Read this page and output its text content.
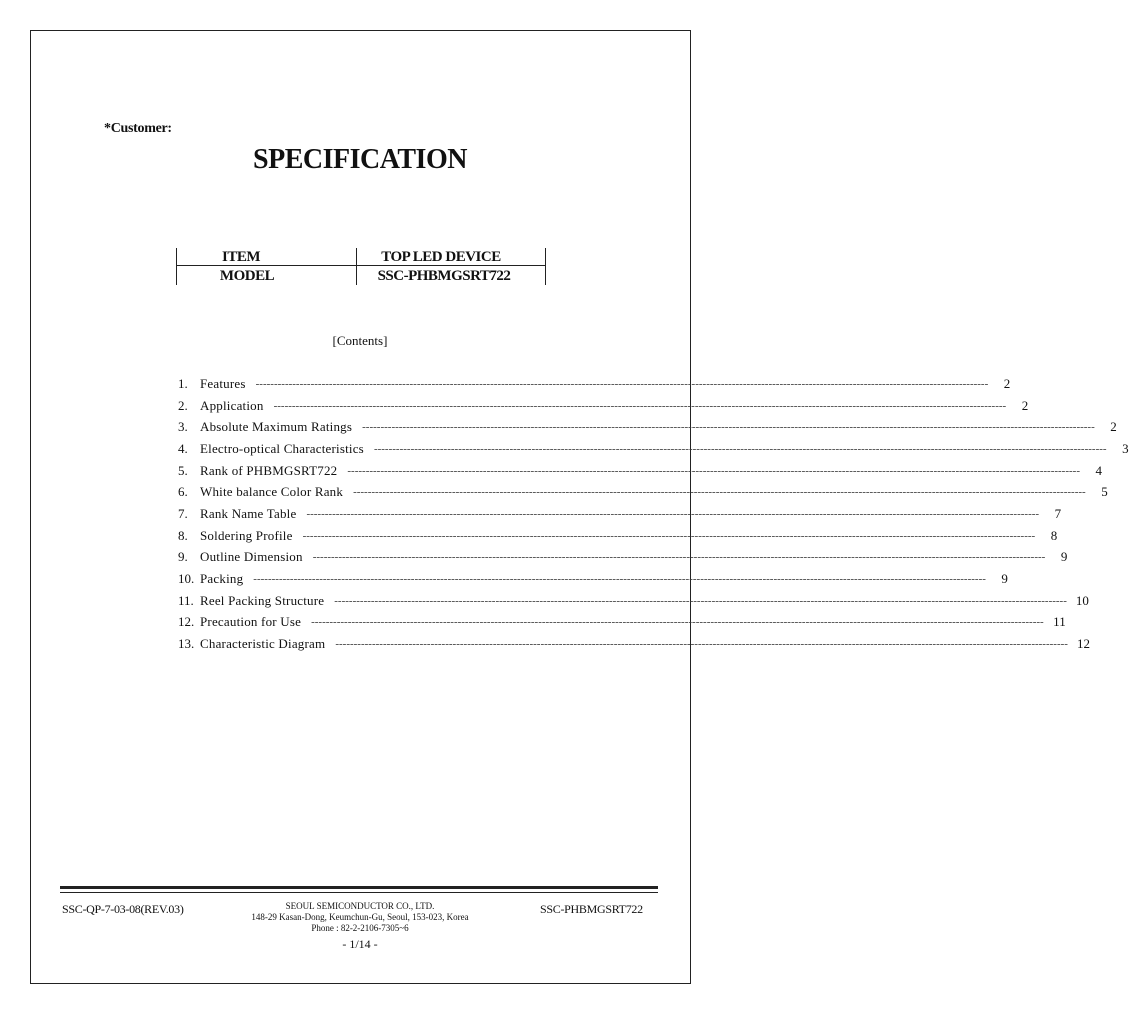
*Customer:
SPECIFICATION
ITEM	TOP LED DEVICE
MODEL	SSC-PHBMGSRT722
[Contents]
1. Features --------------------------------------------------------------------------------------------------------------------------------------------------------------------------------------------------------	2
2. Application --------------------------------------------------------------------------------------------------------------------------------------------------------------------------------------------------------	2
3. Absolute Maximum Ratings --------------------------------------------------------------------------------------------------------------------------------------------------------------------------------------------------------	2
4. Electro-optical Characteristics --------------------------------------------------------------------------------------------------------------------------------------------------------------------------------------------------------	3
5. Rank of PHBMGSRT722 --------------------------------------------------------------------------------------------------------------------------------------------------------------------------------------------------------	4
6. White balance Color Rank --------------------------------------------------------------------------------------------------------------------------------------------------------------------------------------------------------	5
7. Rank Name Table --------------------------------------------------------------------------------------------------------------------------------------------------------------------------------------------------------	7
8. Soldering Profile --------------------------------------------------------------------------------------------------------------------------------------------------------------------------------------------------------	8
9. Outline Dimension --------------------------------------------------------------------------------------------------------------------------------------------------------------------------------------------------------	9
10. Packing --------------------------------------------------------------------------------------------------------------------------------------------------------------------------------------------------------	9
11. Reel Packing Structure -------------------------------------------------------------------------------------------------------------------------------------------------------------------------------------------------------- 10
12. Precaution for Use -------------------------------------------------------------------------------------------------------------------------------------------------------------------------------------------------------- 11
13. Characteristic Diagram -------------------------------------------------------------------------------------------------------------------------------------------------------------------------------------------------------- 12
SSC-QP-7-03-08(REV.03)	SEOUL SEMICONDUCTOR CO., LTD.
148-29 Kasan-Dong, Keumchun-Gu, Seoul, 153-023, Korea
Phone : 82-2-2106-7305~6
SSC-PHBMGSRT722
- 1/14 -
